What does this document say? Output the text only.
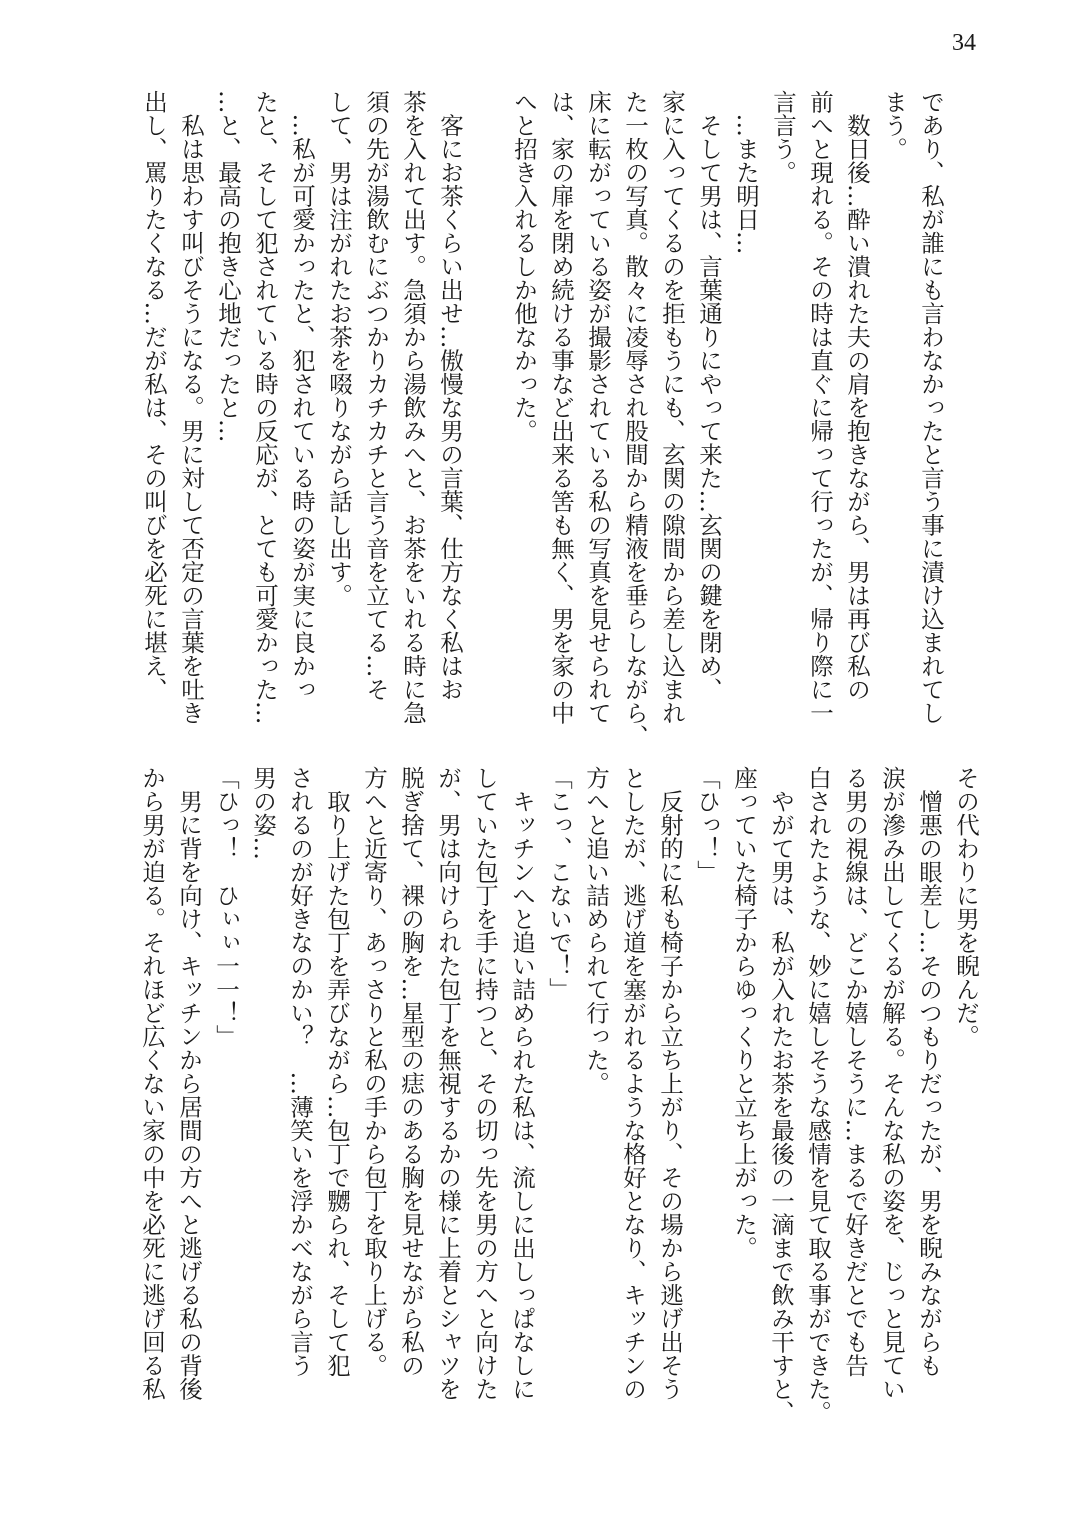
34
であり、私が誰にも言わなかったと言う事に漬け込まれてし
まう。
　数日後…酔い潰れた夫の肩を抱きながら、男は再び私の
前へと現れる。その時は直ぐに帰って行ったが、帰り際に一
言言う。
　…また明日…
　そして男は、言葉通りにやって来た…玄関の鍵を閉め、
家に入ってくるのを拒もうにも、玄関の隙間から差し込まれ
た一枚の写真。散々に凌辱され股間から精液を垂らしながら、
床に転がっている姿が撮影されている私の写真を見せられて
は、家の扉を閉め続ける事など出来る筈も無く、男を家の中
へと招き入れるしか他なかった。
　客にお茶くらい出せ…傲慢な男の言葉、仕方なく私はお
茶を入れて出す。急須から湯飲みへと、お茶をいれる時に急
須の先が湯飲むにぶつかりカチカチと言う音を立てる…そ
して、男は注がれたお茶を啜りながら話し出す。
　…私が可愛かったと、犯されている時の姿が実に良かっ
たと、そして犯されている時の反応が、とても可愛かった…
…と、最高の抱き心地だったと…
　私は思わす叫びそうになる。男に対して否定の言葉を吐き
出し、罵りたくなる…だが私は、その叫びを必死に堪え、
その代わりに男を睨んだ。
　憎悪の眼差し…そのつもりだったが、男を睨みながらも
涙が滲み出してくるが解る。そんな私の姿を、じっと見てい
る男の視線は、どこか嬉しそうに…まるで好きだとでも告
白されたような、妙に嬉しそうな感情を見て取る事ができた。
　やがて男は、私が入れたお茶を最後の一滴まで飲み干すと、
座っていた椅子からゆっくりと立ち上がった。
「ひっ！」
　反射的に私も椅子から立ち上がり、その場から逃げ出そう
としたが、逃げ道を塞がれるような格好となり、キッチンの
方へと追い詰められて行った。
「こっ、こないで！」
　キッチンへと追い詰められた私は、流しに出しっぱなしに
していた包丁を手に持つと、その切っ先を男の方へと向けた
が、男は向けられた包丁を無視するかの様に上着とシャツを
脱ぎ捨て、裸の胸を…星型の痣のある胸を見せながら私の
方へと近寄り、あっさりと私の手から包丁を取り上げる。
　取り上げた包丁を弄びながら…包丁で嬲られ、そして犯
されるのが好きなのかい？　…薄笑いを浮かべながら言う
男の姿…
「ひっ！　ひぃぃ一一！」
　男に背を向け、キッチンから居間の方へと逃げる私の背後
から男が迫る。それほど広くない家の中を必死に逃げ回る私
